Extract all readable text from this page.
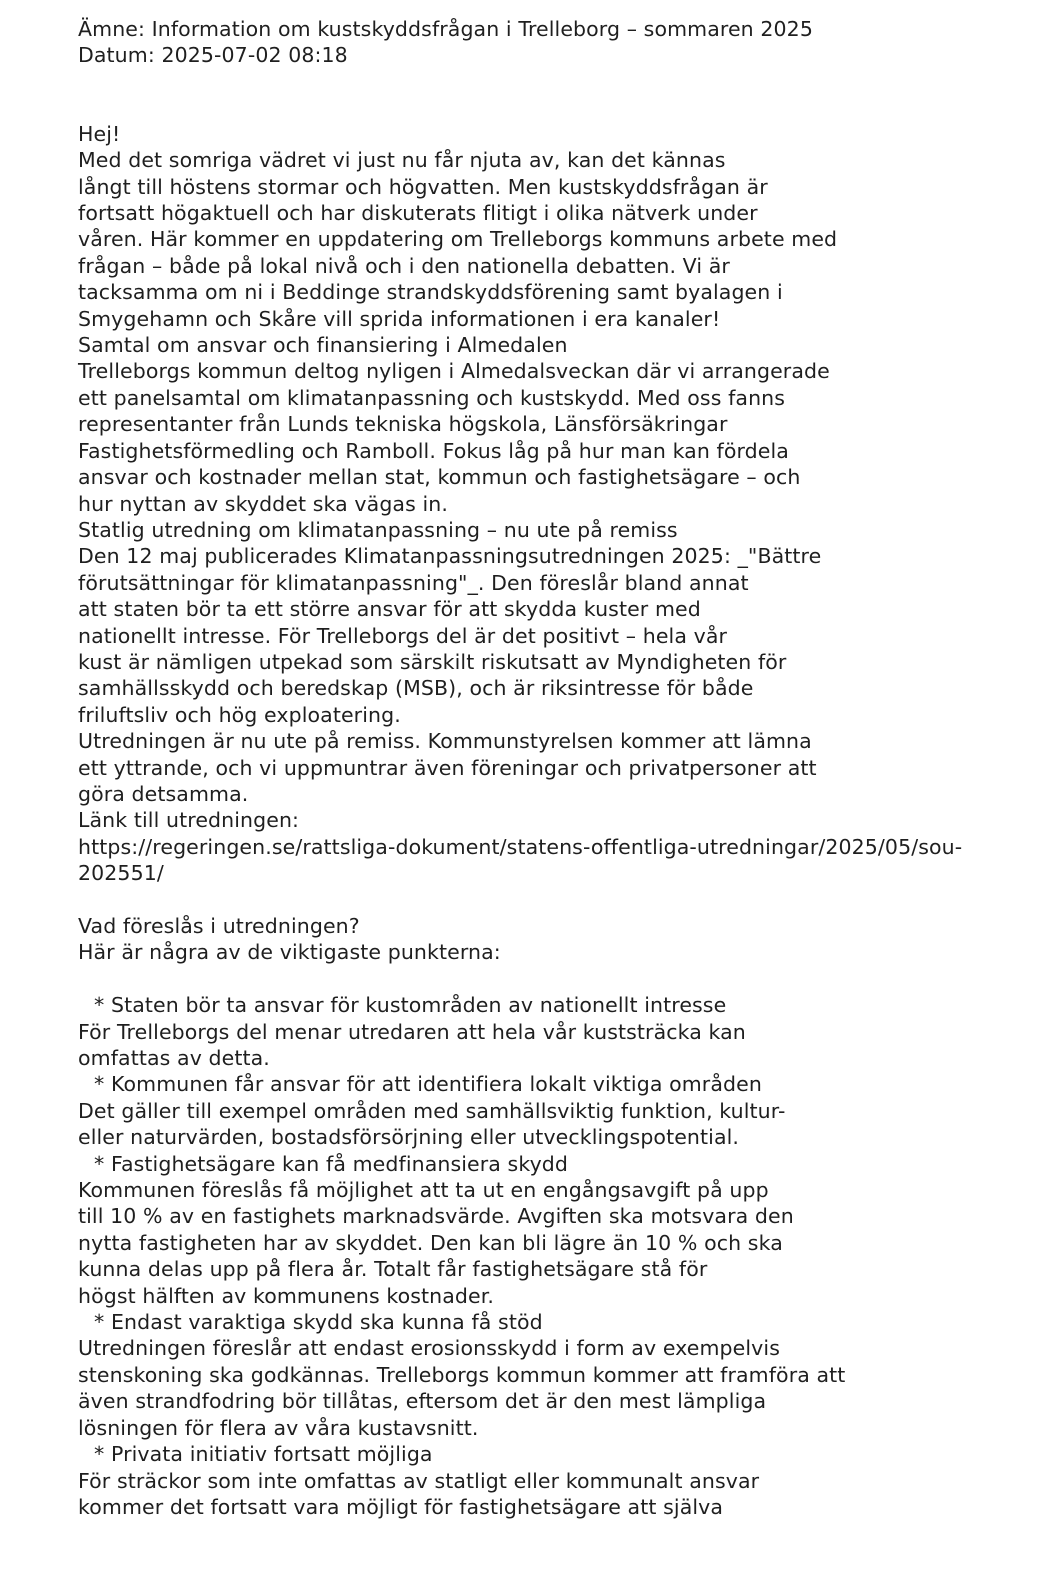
Ämne: Information om kustskyddsfrågan i Trelleborg – sommaren 2025
Datum: 2025-07-02 08:18
Hej!
Med det somriga vädret vi just nu får njuta av, kan det kännas
långt till höstens stormar och högvatten. Men kustskyddsfrågan är
fortsatt högaktuell och har diskuterats flitigt i olika nätverk under
våren. Här kommer en uppdatering om Trelleborgs kommuns arbete med
frågan – både på lokal nivå och i den nationella debatten. Vi är
tacksamma om ni i Beddinge strandskyddsförening samt byalagen i
Smygehamn och Skåre vill sprida informationen i era kanaler!
Samtal om ansvar och finansiering i Almedalen
Trelleborgs kommun deltog nyligen i Almedalsveckan där vi arrangerade
ett panelsamtal om klimatanpassning och kustskydd. Med oss fanns
representanter från Lunds tekniska högskola, Länsförsäkringar
Fastighetsförmedling och Ramboll. Fokus låg på hur man kan fördela
ansvar och kostnader mellan stat, kommun och fastighetsägare – och
hur nyttan av skyddet ska vägas in.
Statlig utredning om klimatanpassning – nu ute på remiss
Den 12 maj publicerades Klimatanpassningsutredningen 2025: _"Bättre
förutsättningar för klimatanpassning"_. Den föreslår bland annat
att staten bör ta ett större ansvar för att skydda kuster med
nationellt intresse. För Trelleborgs del är det positivt – hela vår
kust är nämligen utpekad som särskilt riskutsatt av Myndigheten för
samhällsskydd och beredskap (MSB), och är riksintresse för både
friluftsliv och hög exploatering.
Utredningen är nu ute på remiss. Kommunstyrelsen kommer att lämna
ett yttrande, och vi uppmuntrar även föreningar och privatpersoner att
göra detsamma.
Länk till utredningen:
https://regeringen.se/rattsliga-dokument/statens-offentliga-utredningar/2025/05/sou-
202551/
Vad föreslås i utredningen?
Här är några av de viktigaste punkterna:
* Staten bör ta ansvar för kustområden av nationellt intresse
För Trelleborgs del menar utredaren att hela vår kuststräcka kan
omfattas av detta.
* Kommunen får ansvar för att identifiera lokalt viktiga områden
Det gäller till exempel områden med samhällsviktig funktion, kultur-
eller naturvärden, bostadsförsörjning eller utvecklingspotential.
* Fastighetsägare kan få medfinansiera skydd
Kommunen föreslås få möjlighet att ta ut en engångsavgift på upp
till 10 % av en fastighets marknadsvärde. Avgiften ska motsvara den
nytta fastigheten har av skyddet. Den kan bli lägre än 10 % och ska
kunna delas upp på flera år. Totalt får fastighetsägare stå för
högst hälften av kommunens kostnader.
* Endast varaktiga skydd ska kunna få stöd
Utredningen föreslår att endast erosionsskydd i form av exempelvis
stenskoning ska godkännas. Trelleborgs kommun kommer att framföra att
även strandfodring bör tillåtas, eftersom det är den mest lämpliga
lösningen för flera av våra kustavsnitt.
* Privata initiativ fortsatt möjliga
För sträckor som inte omfattas av statligt eller kommunalt ansvar
kommer det fortsatt vara möjligt för fastighetsägare att själva
